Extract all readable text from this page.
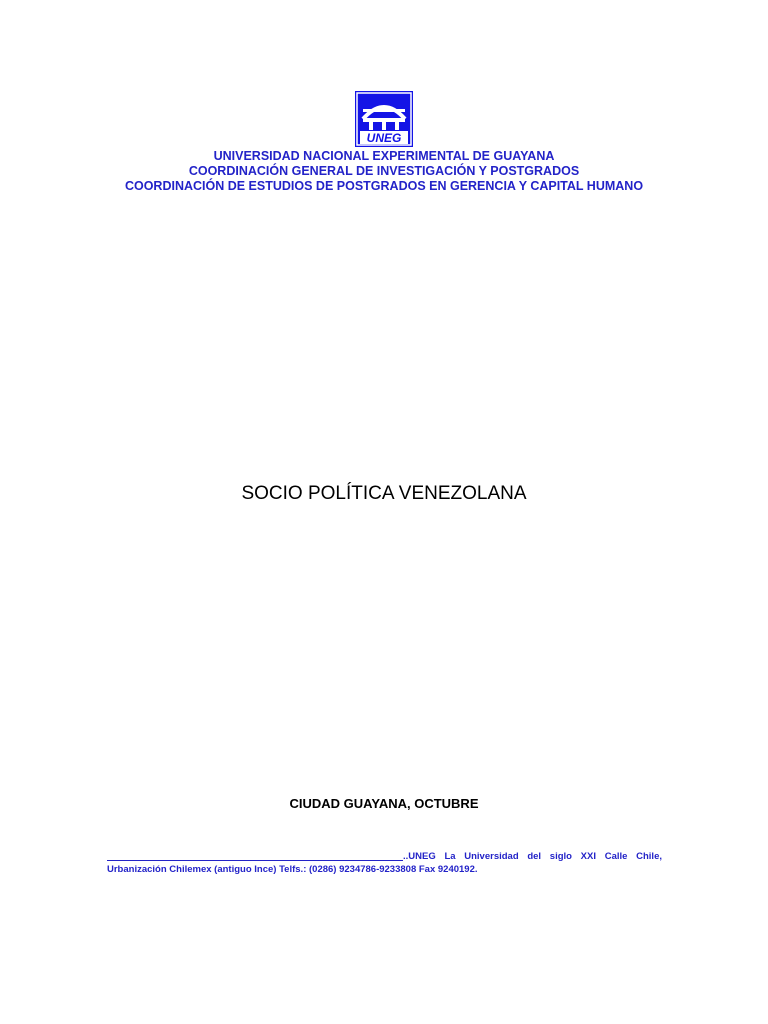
UNEG
UNIVERSIDAD NACIONAL EXPERIMENTAL DE GUAYANA
COORDINACIÓN GENERAL DE INVESTIGACIÓN Y POSTGRADOS
COORDINACIÓN DE ESTUDIOS DE POSTGRADOS EN GERENCIA Y CAPITAL HUMANO
SOCIO POLÍTICA VENEZOLANA
CIUDAD GUAYANA, OCTUBRE
..UNEG La Universidad del siglo XXI Calle Chile,
Urbanización Chilemex (antiguo Ince) Telfs.: (0286) 9234786-9233808 Fax 9240192.
